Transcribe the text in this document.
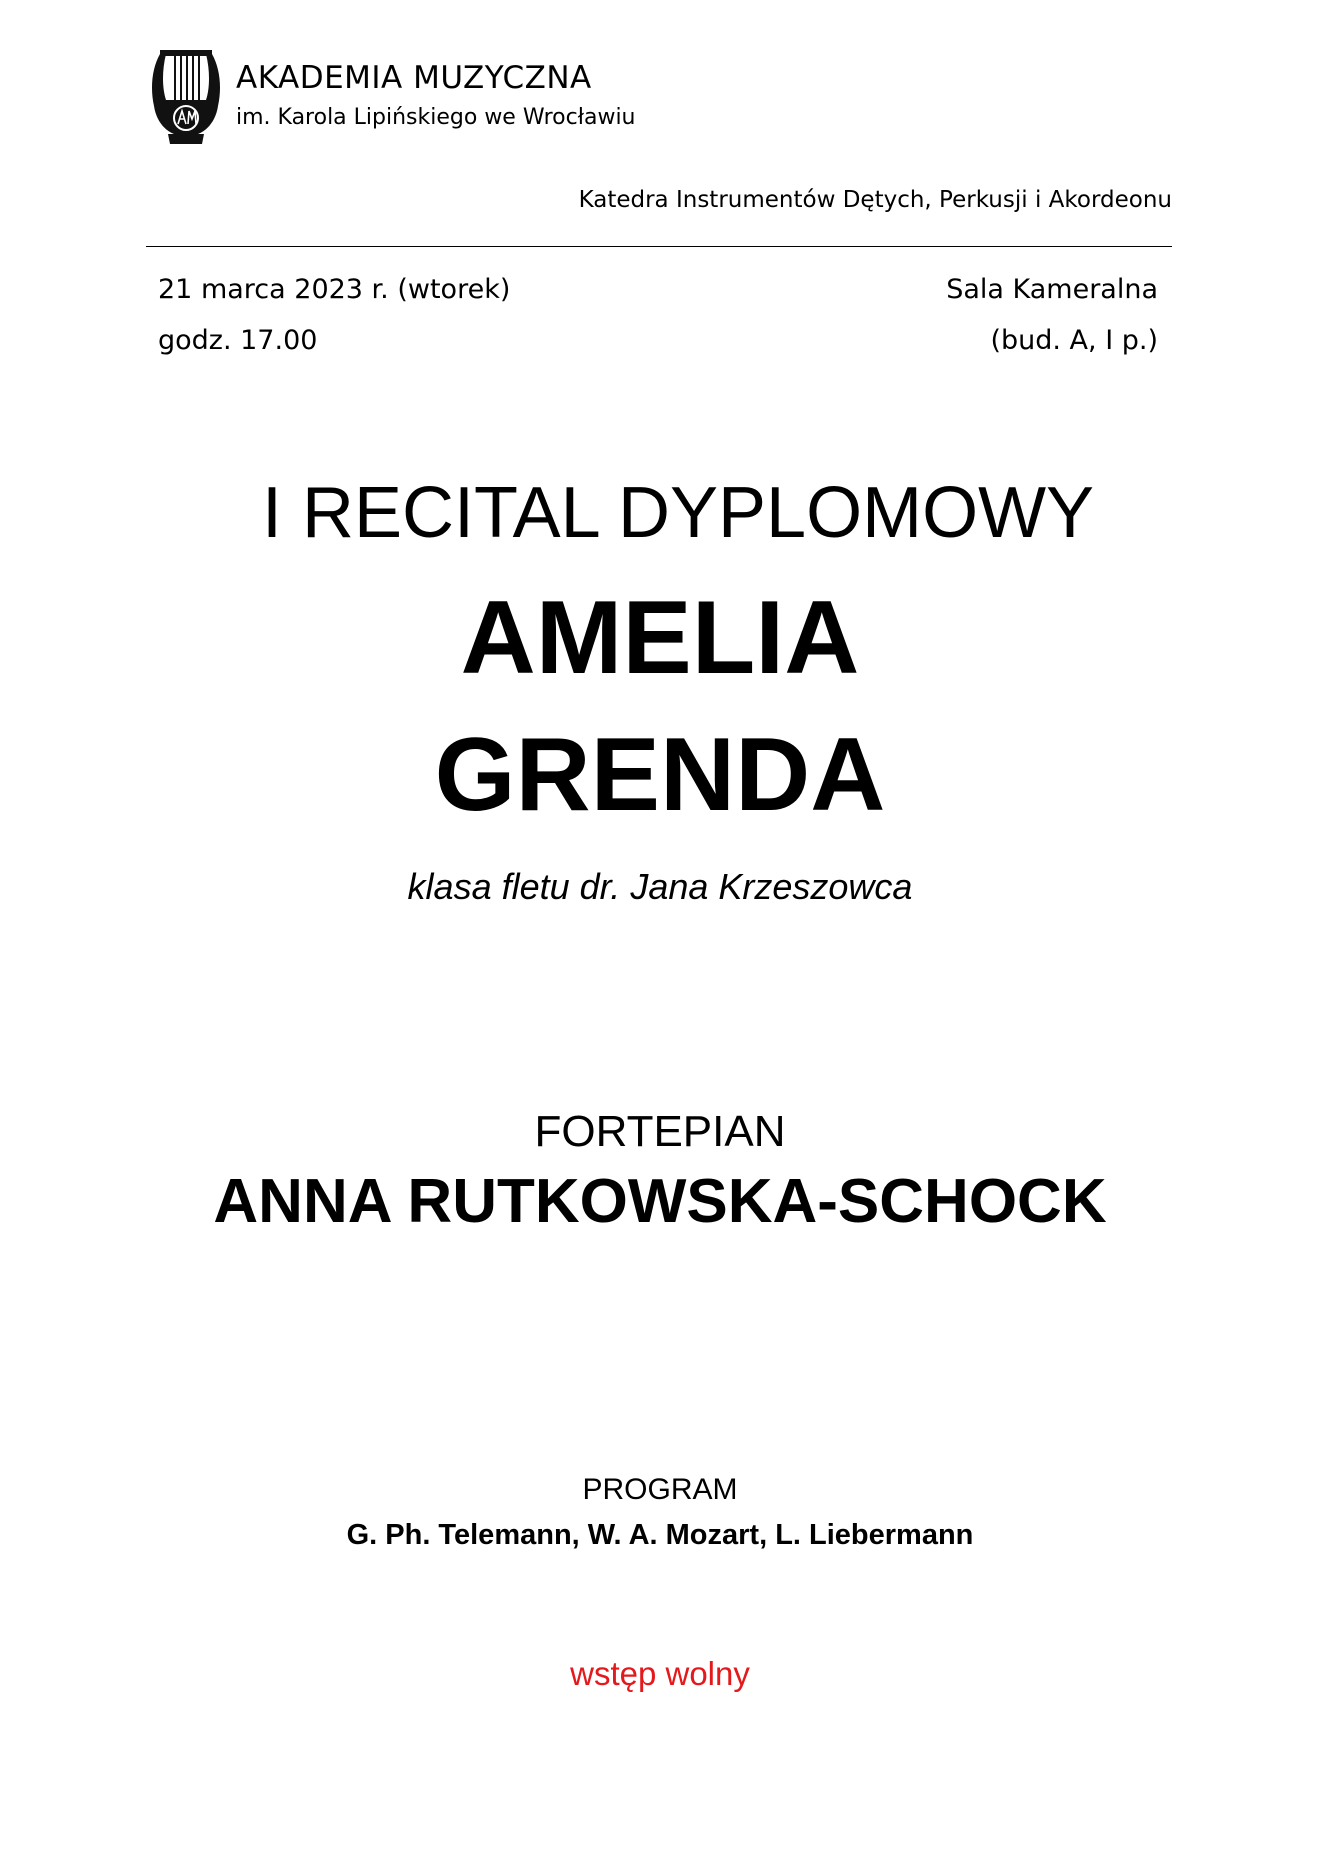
AKADEMIA MUZYCZNA
im. Karola Lipińskiego we Wrocławiu
Katedra Instrumentów Dętych, Perkusji i Akordeonu
21 marca 2023 r. (wtorek)
godz. 17.00
Sala Kameralna
(bud. A, I p.)
I RECITAL DYPLOMOWY
AMELIA
GRENDA
klasa fletu dr. Jana Krzeszowca
FORTEPIAN
ANNA RUTKOWSKA-SCHOCK
PROGRAM
G. Ph. Telemann, W. A. Mozart, L. Liebermann
wstęp wolny
